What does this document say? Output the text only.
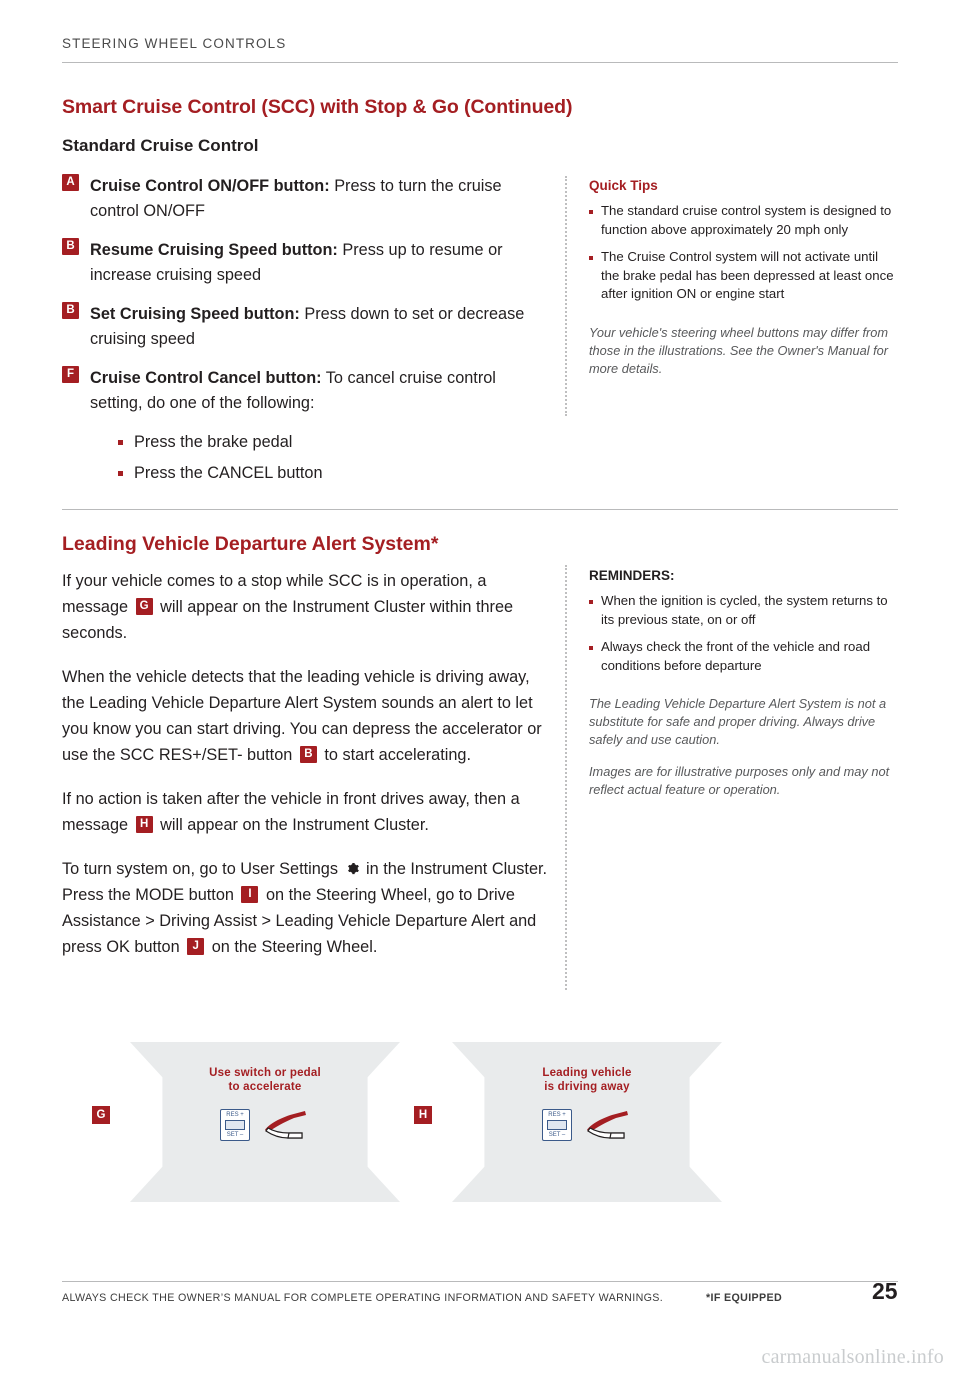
STEERING WHEEL CONTROLS
Smart Cruise Control (SCC) with Stop & Go (Continued)
Standard Cruise Control
A Cruise Control ON/OFF button: Press to turn the cruise control ON/OFF
B Resume Cruising Speed button: Press up to resume or increase cruising speed
B Set Cruising Speed button: Press down to set or decrease cruising speed
F Cruise Control Cancel button: To cancel cruise control setting, do one of the following:
Press the brake pedal
Press the CANCEL button
Quick Tips
The standard cruise control system is designed to function above approximately 20 mph only
The Cruise Control system will not activate until the brake pedal has been depressed at least once after ignition ON or engine start
Your vehicle's steering wheel buttons may differ from those in the illustrations. See the Owner's Manual for more details.
Leading Vehicle Departure Alert System*

If your vehicle comes to a stop while SCC is in operation, a message G will appear on the Instrument Cluster within three seconds.

When the vehicle detects that the leading vehicle is driving away, the Leading Vehicle Departure Alert System sounds an alert to let you know you can start driving. You can depress the accelerator or use the SCC RES+/SET- button B to start accelerating.

If no action is taken after the vehicle in front drives away, then a message H will appear on the Instrument Cluster.

To turn system on, go to User Settings  in the Instrument Cluster. Press the MODE button I on the Steering Wheel, go to Drive Assistance > Driving Assist > Leading Vehicle Departure Alert and press OK button J on the Steering Wheel.

REMINDERS:
When the ignition is cycled, the system returns to its previous state, on or off
Always check the front of the vehicle and road conditions before departure
The Leading Vehicle Departure Alert System is not a substitute for safe and proper driving. Always drive safely and use caution.
Images are for illustrative purposes only and may not reflect actual feature or operation.
G
Use switch or pedal
to accelerate
RES +
SET –
H
Leading vehicle
is driving away
RES +
SET –
ALWAYS CHECK THE OWNER’S MANUAL FOR COMPLETE OPERATING INFORMATION AND SAFETY WARNINGS.	*IF EQUIPPED	25
carmanualsonline.info
